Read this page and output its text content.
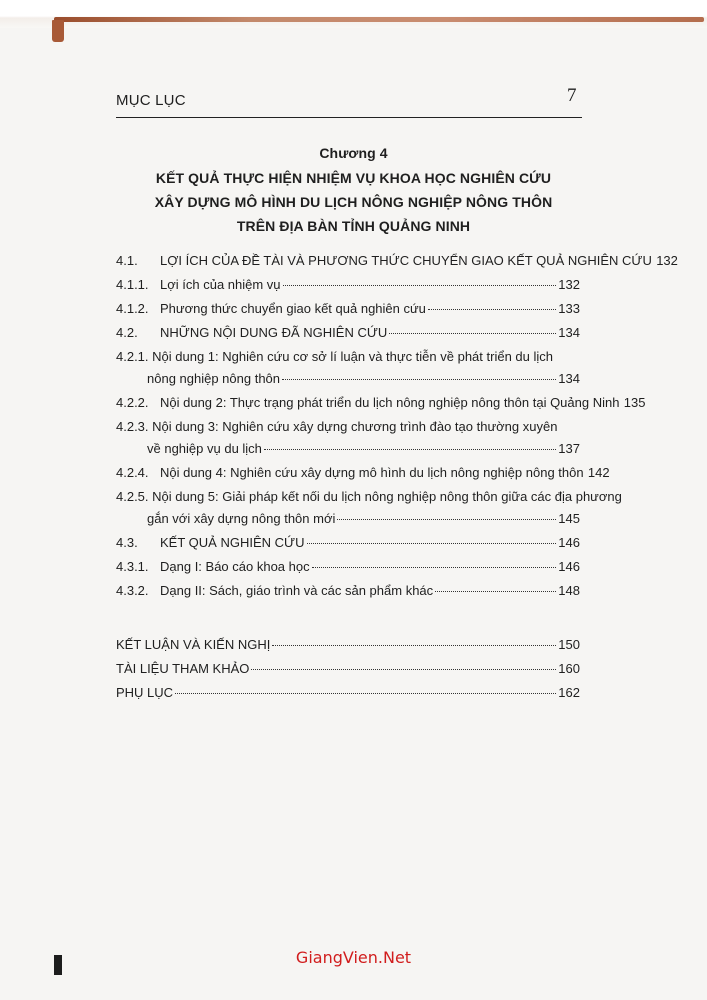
MỤC LỤC	7
Chương 4
KẾT QUẢ THỰC HIỆN NHIỆM VỤ KHOA HỌC NGHIÊN CỨU
XÂY DỰNG MÔ HÌNH DU LỊCH NÔNG NGHIỆP NÔNG THÔN
TRÊN ĐỊA BÀN TỈNH QUẢNG NINH
4.1.	LỢI ÍCH CỦA ĐỀ TÀI VÀ PHƯƠNG THỨC CHUYỂN GIAO KẾT QUẢ NGHIÊN CỨU 132
4.1.1. Lợi ích của nhiệm vụ	132
4.1.2. Phương thức chuyển giao kết quả nghiên cứu	133
4.2.	NHỮNG NỘI DUNG ĐÃ NGHIÊN CỨU	134
4.2.1. Nội dung 1: Nghiên cứu cơ sở lí luận và thực tiễn về phát triển du lịch
nông nghiệp nông thôn	134
4.2.2. Nội dung 2: Thực trạng phát triển du lịch nông nghiệp nông thôn tại Quảng Ninh 135
4.2.3. Nội dung 3: Nghiên cứu xây dựng chương trình đào tạo thường xuyên
về nghiệp vụ du lịch	137
4.2.4. Nội dung 4: Nghiên cứu xây dựng mô hình du lịch nông nghiệp nông thôn 142
4.2.5. Nội dung 5: Giải pháp kết nối du lịch nông nghiệp nông thôn giữa các địa phương
gắn với xây dựng nông thôn mới	145
4.3.	KẾT QUẢ NGHIÊN CỨU	146
4.3.1. Dạng I: Báo cáo khoa học	146
4.3.2. Dạng II: Sách, giáo trình và các sản phẩm khác	148
KẾT LUẬN VÀ KIẾN NGHỊ	150
TÀI LIỆU THAM KHẢO	160
PHỤ LỤC	162
GiangVien.Net
